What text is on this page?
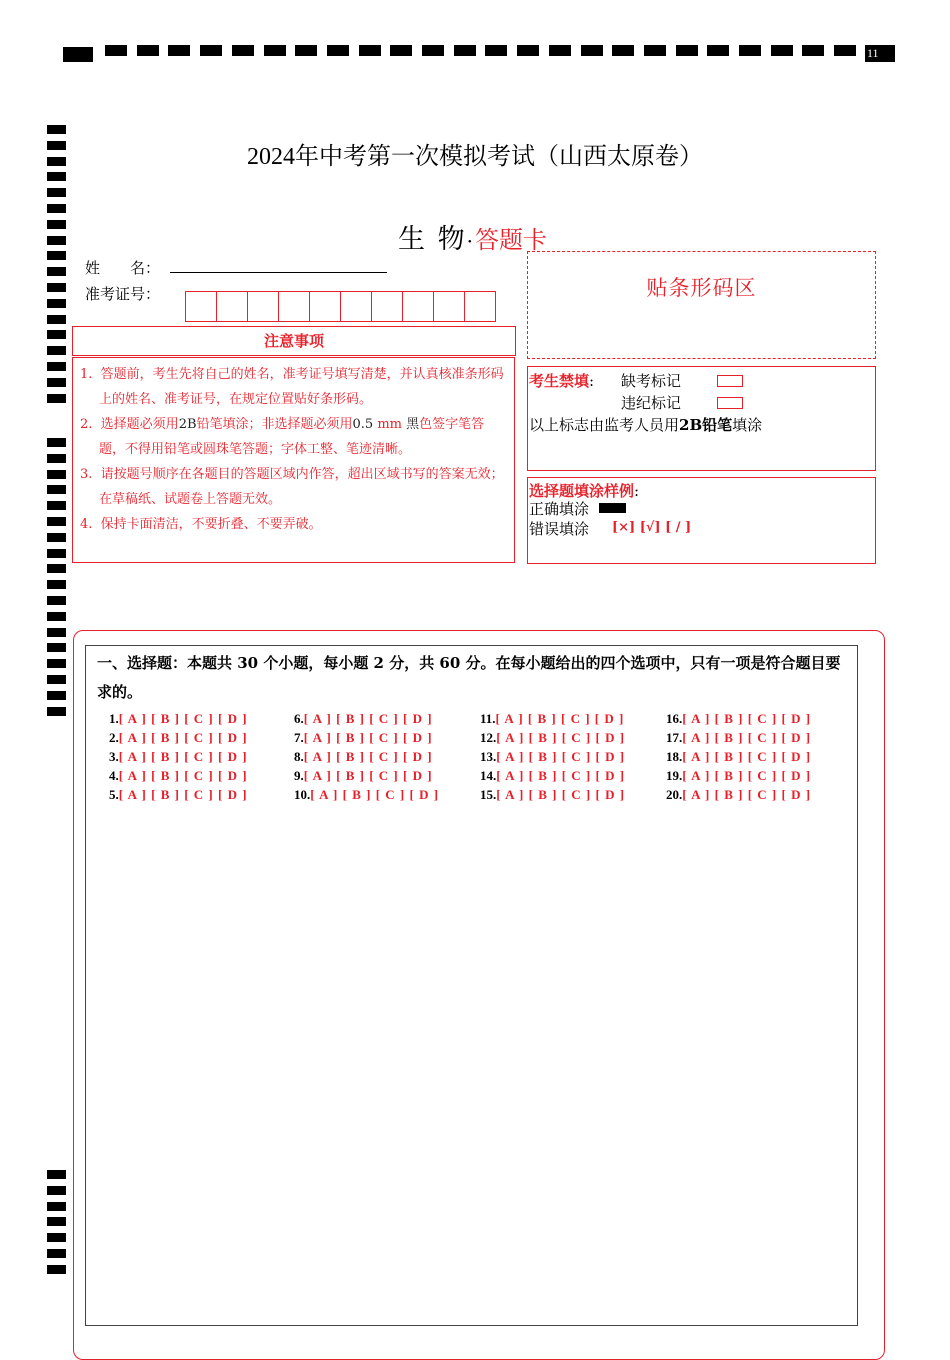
11
2024年中考第一次模拟考试（山西太原卷）
生 物·答题卡
姓　　名：
准考证号：
注意事项
1. 答题前，考生先将自己的姓名，准考证号填写清楚，并认真核准条形码上的姓名、准考证号，在规定位置贴好条形码。
2. 选择题必须用2B铅笔填涂；非选择题必须用0.5 mm 黑色签字笔答题，不得用铅笔或圆珠笔答题；字体工整、笔迹清晰。
3. 请按题号顺序在各题目的答题区域内作答，超出区域书写的答案无效；在草稿纸、试题卷上答题无效。
4. 保持卡面清洁，不要折叠、不要弄破。
贴条形码区
考生禁填: 缺考标记
违纪标记
以上标志由监考人员用2B铅笔填涂
选择题填涂样例:
正确填涂
错误填涂 [×] [√] [ / ]
一、选择题：本题共 30 个小题，每小题 2 分，共 60 分。在每小题给出的四个选项中，只有一项是符合题目要求的。
1.[ A ] [ B ] [ C ] [ D ]
2.[ A ] [ B ] [ C ] [ D ]
3.[ A ] [ B ] [ C ] [ D ]
4.[ A ] [ B ] [ C ] [ D ]
5.[ A ] [ B ] [ C ] [ D ]
6.[ A ] [ B ] [ C ] [ D ]
7.[ A ] [ B ] [ C ] [ D ]
8.[ A ] [ B ] [ C ] [ D ]
9.[ A ] [ B ] [ C ] [ D ]
10.[ A ] [ B ] [ C ] [ D ]
11.[ A ] [ B ] [ C ] [ D ]
12.[ A ] [ B ] [ C ] [ D ]
13.[ A ] [ B ] [ C ] [ D ]
14.[ A ] [ B ] [ C ] [ D ]
15.[ A ] [ B ] [ C ] [ D ]
16.[ A ] [ B ] [ C ] [ D ]
17.[ A ] [ B ] [ C ] [ D ]
18.[ A ] [ B ] [ C ] [ D ]
19.[ A ] [ B ] [ C ] [ D ]
20.[ A ] [ B ] [ C ] [ D ]
